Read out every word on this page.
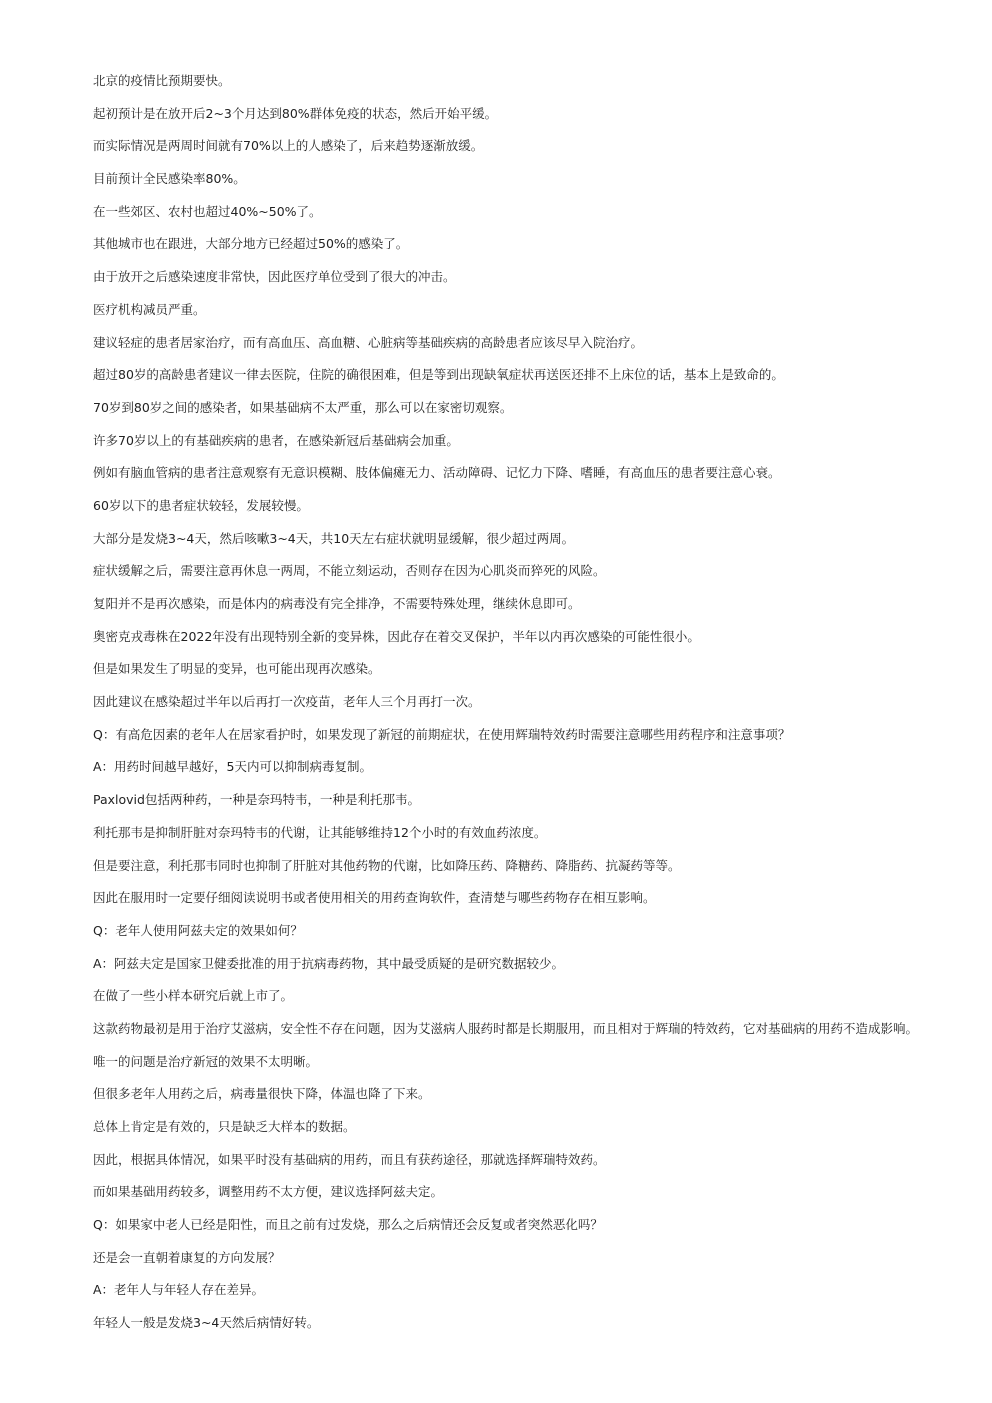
北京的疫情比预期要快。

起初预计是在放开后2~3个月达到80%群体免疫的状态，然后开始平缓。

而实际情况是两周时间就有70%以上的人感染了，后来趋势逐渐放缓。

目前预计全民感染率80%。

在一些郊区、农村也超过40%~50%了。

其他城市也在跟进，大部分地方已经超过50%的感染了。

由于放开之后感染速度非常快，因此医疗单位受到了很大的冲击。

医疗机构减员严重。

建议轻症的患者居家治疗，而有高血压、高血糖、心脏病等基础疾病的高龄患者应该尽早入院治疗。

超过80岁的高龄患者建议一律去医院，住院的确很困难，但是等到出现缺氧症状再送医还排不上床位的话，基本上是致命的。

70岁到80岁之间的感染者，如果基础病不太严重，那么可以在家密切观察。

许多70岁以上的有基础疾病的患者，在感染新冠后基础病会加重。

例如有脑血管病的患者注意观察有无意识模糊、肢体偏瘫无力、活动障碍、记忆力下降、嗜睡，有高血压的患者要注意心衰。

60岁以下的患者症状较轻，发展较慢。

大部分是发烧3~4天，然后咳嗽3~4天，共10天左右症状就明显缓解，很少超过两周。

症状缓解之后，需要注意再休息一两周，不能立刻运动，否则存在因为心肌炎而猝死的风险。

复阳并不是再次感染，而是体内的病毒没有完全排净，不需要特殊处理，继续休息即可。

奥密克戎毒株在2022年没有出现特别全新的变异株，因此存在着交叉保护，半年以内再次感染的可能性很小。

但是如果发生了明显的变异，也可能出现再次感染。

因此建议在感染超过半年以后再打一次疫苗，老年人三个月再打一次。

Q：有高危因素的老年人在居家看护时，如果发现了新冠的前期症状，在使用辉瑞特效药时需要注意哪些用药程序和注意事项？

A：用药时间越早越好，5天内可以抑制病毒复制。

Paxlovid包括两种药，一种是奈玛特韦，一种是利托那韦。

利托那韦是抑制肝脏对奈玛特韦的代谢，让其能够维持12个小时的有效血药浓度。

但是要注意，利托那韦同时也抑制了肝脏对其他药物的代谢，比如降压药、降糖药、降脂药、抗凝药等等。

因此在服用时一定要仔细阅读说明书或者使用相关的用药查询软件，查清楚与哪些药物存在相互影响。

Q：老年人使用阿兹夫定的效果如何？

A：阿兹夫定是国家卫健委批准的用于抗病毒药物，其中最受质疑的是研究数据较少。

在做了一些小样本研究后就上市了。

这款药物最初是用于治疗艾滋病，安全性不存在问题，因为艾滋病人服药时都是长期服用，而且相对于辉瑞的特效药，它对基础病的用药不造成影响。

唯一的问题是治疗新冠的效果不太明晰。

但很多老年人用药之后，病毒量很快下降，体温也降了下来。

总体上肯定是有效的，只是缺乏大样本的数据。

因此，根据具体情况，如果平时没有基础病的用药，而且有获药途径，那就选择辉瑞特效药。

而如果基础用药较多，调整用药不太方便，建议选择阿兹夫定。

Q：如果家中老人已经是阳性，而且之前有过发烧，那么之后病情还会反复或者突然恶化吗？

还是会一直朝着康复的方向发展？

A：老年人与年轻人存在差异。

年轻人一般是发烧3~4天然后病情好转。
